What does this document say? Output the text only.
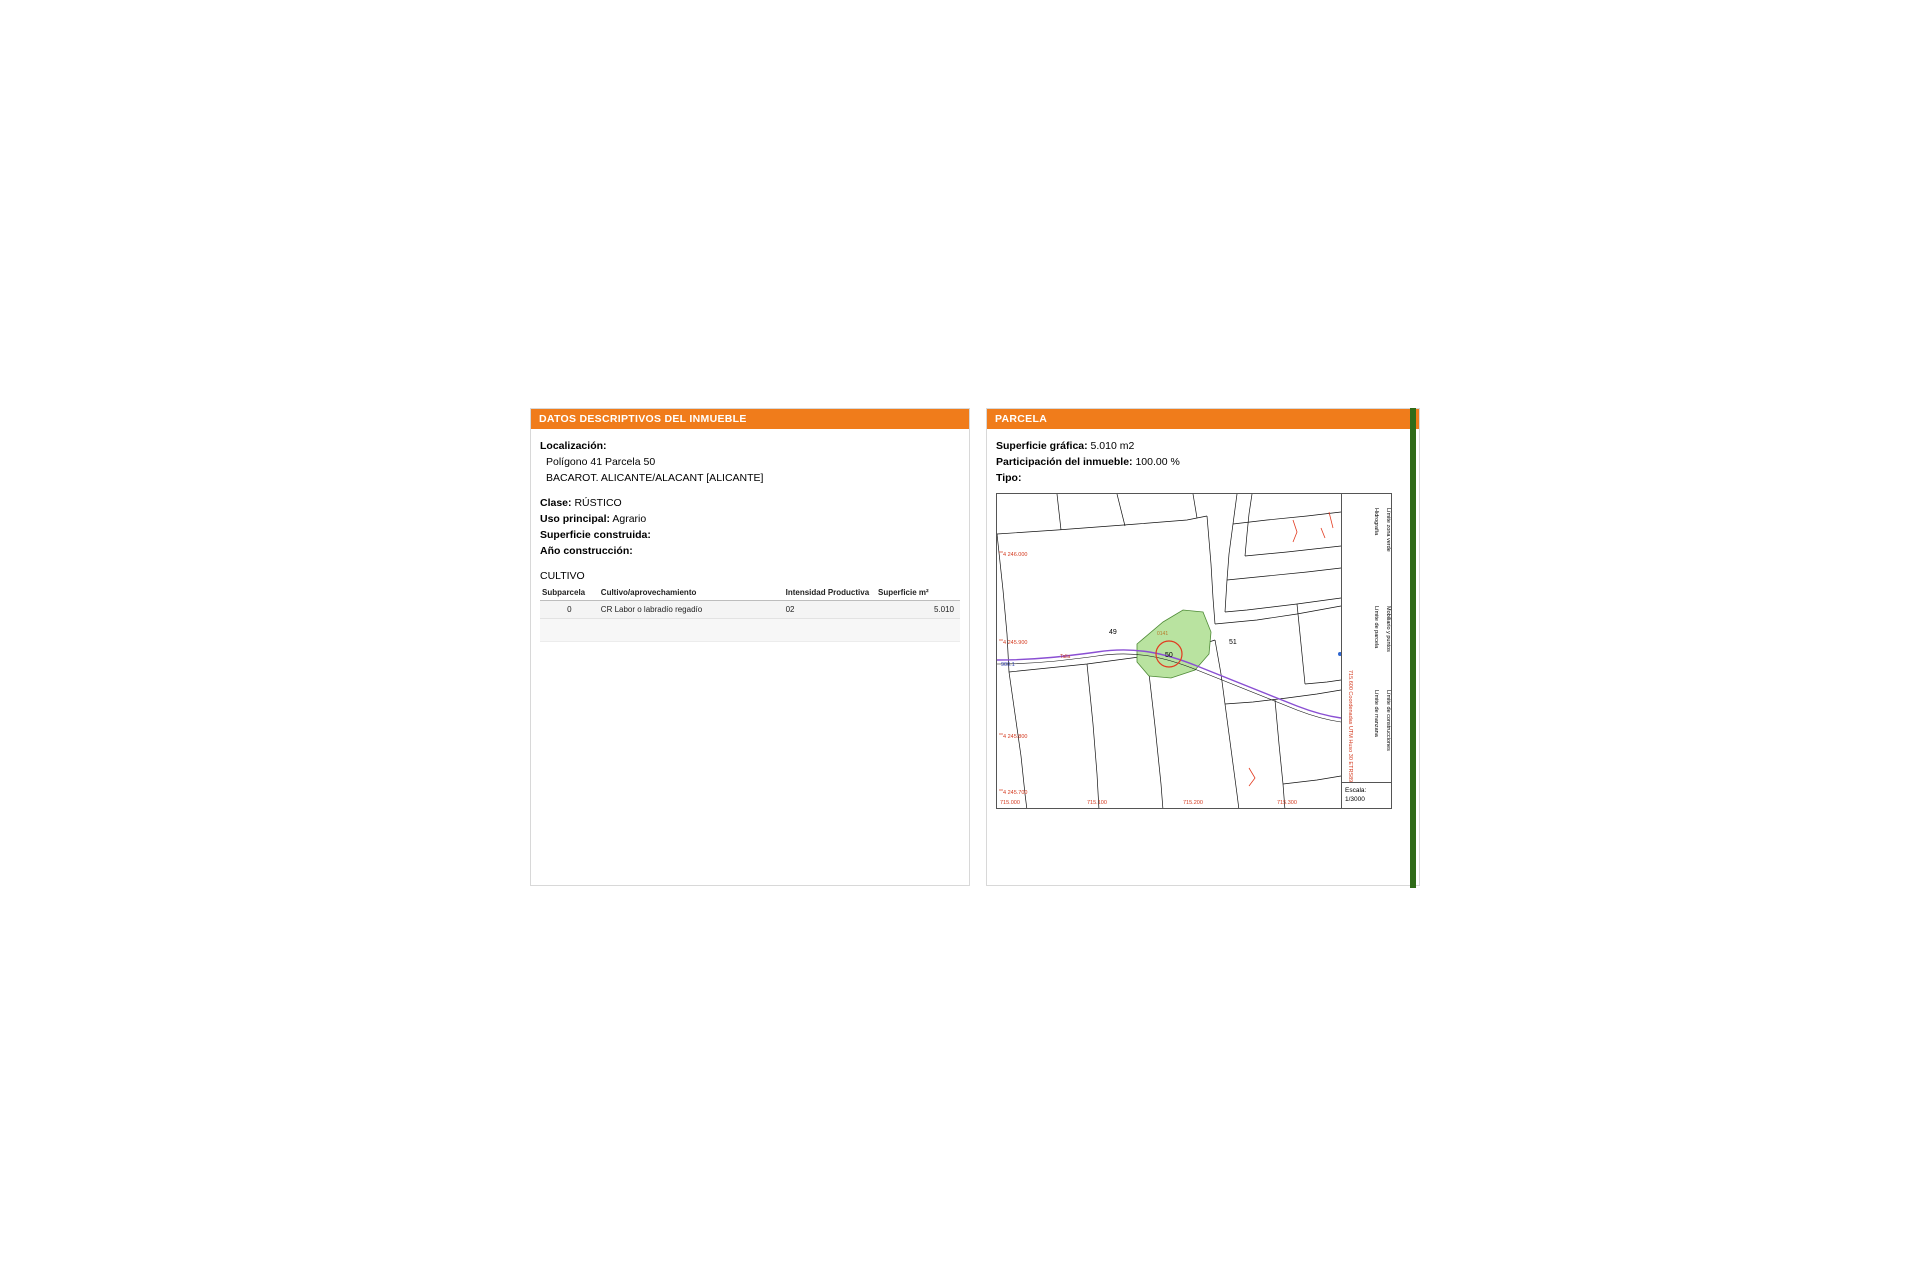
DATOS DESCRIPTIVOS DEL INMUEBLE
Localización:
Polígono 41 Parcela 50
BACAROT. ALICANTE/ALACANT [ALICANTE]
Clase: RÚSTICO
Uso principal: Agrario
Superficie construida:
Año construcción:
CULTIVO
Subparcela	Cultivo/aprovechamiento	Intensidad Productiva	Superficie m²
0	CR Labor o labradío regadío	02	5.010
PARCELA
Superficie gráfica: 5.010 m2
Participación del inmueble: 100.00 %
Tipo:
4 246.000
4 245.900
4 245.800
4 245.700
715.000	715.100	715.200	715.300
900.1
49
50
51
0141
Talla
Hidrografía Límite zona verde
Límite de parcela Mobiliario y puntos
Límite de manzana Límite de construcciones
715.600 Coordenadas UTM Huso 30 ETRS89
Escala:
1/3000
